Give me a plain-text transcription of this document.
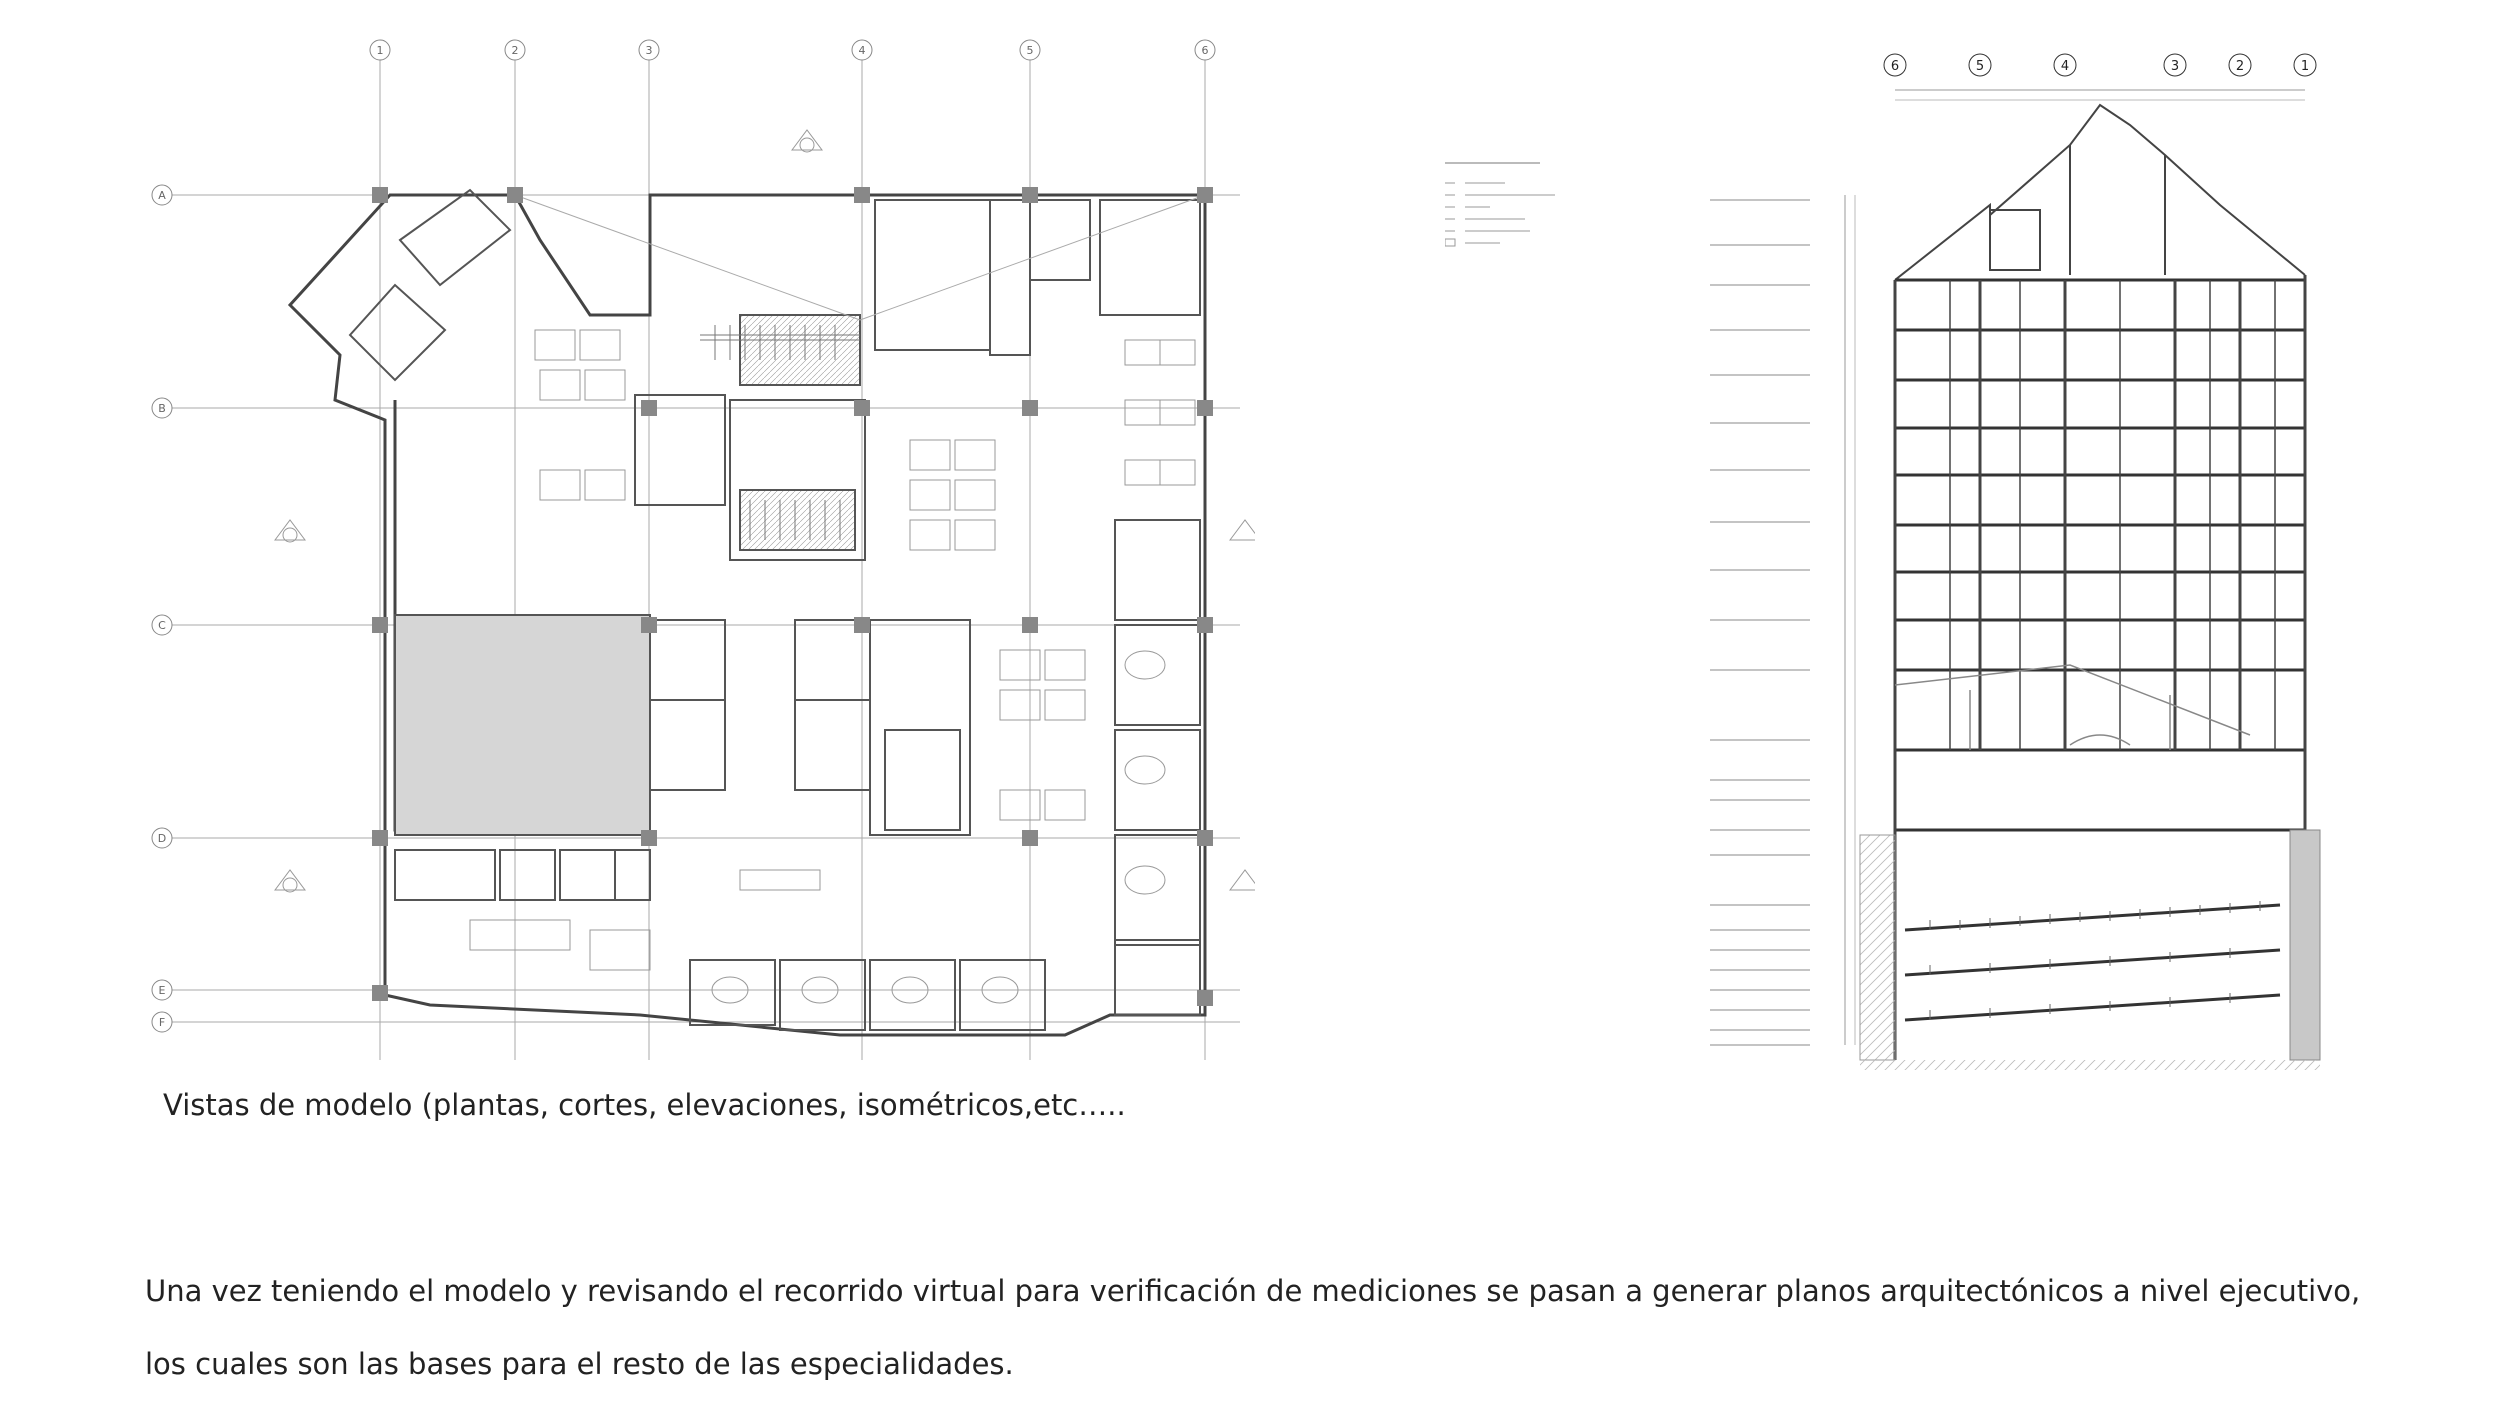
1	2	3	4	5	6
A
B
C
D
E
F
6	5	4	3	2	1
Vistas de modelo (plantas, cortes, elevaciones, isométricos,etc…..
Una vez teniendo el modelo y revisando el recorrido virtual para verificación de mediciones se pasan a generar planos arquitectónicos a nivel ejecutivo, los cuales son las bases para el resto de las especialidades.
